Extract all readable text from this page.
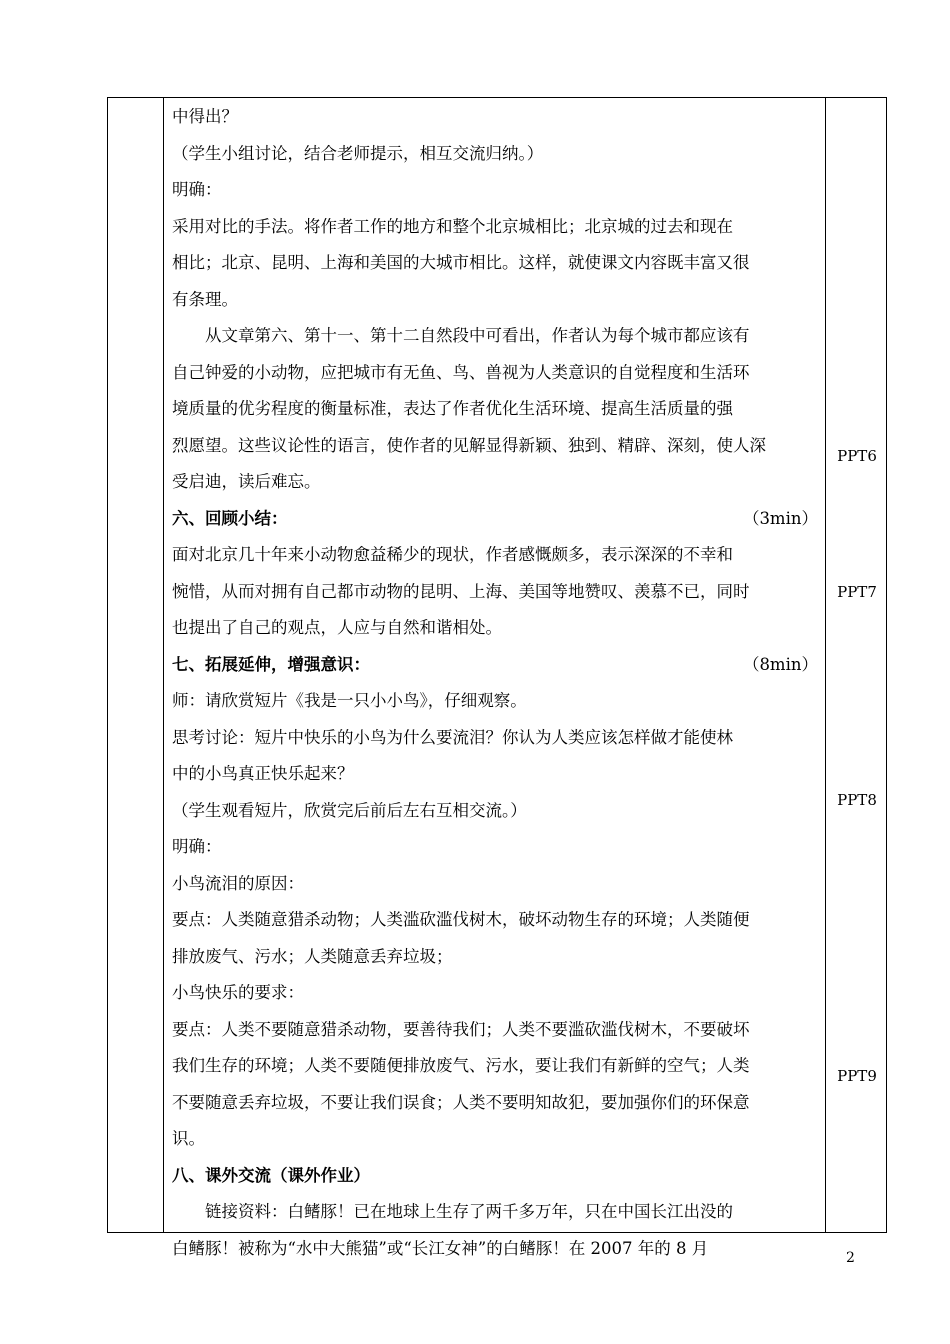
中得出？

（学生小组讨论，结合老师提示，相互交流归纳。）

明确：

采用对比的手法。将作者工作的地方和整个北京城相比；北京城的过去和现在

相比；北京、昆明、上海和美国的大城市相比。这样，就使课文内容既丰富又很

有条理。

从文章第六、第十一、第十二自然段中可看出，作者认为每个城市都应该有

自己钟爱的小动物，应把城市有无鱼、鸟、兽视为人类意识的自觉程度和生活环

境质量的优劣程度的衡量标准，表达了作者优化生活环境、提高生活质量的强

烈愿望。这些议论性的语言，使作者的见解显得新颖、独到、精辟、深刻，使人深

受启迪，读后难忘。

六、回顾小结：	（3min）

面对北京几十年来小动物愈益稀少的现状，作者感慨颇多，表示深深的不幸和

惋惜，从而对拥有自己都市动物的昆明、上海、美国等地赞叹、羡慕不已，同时

也提出了自己的观点，人应与自然和谐相处。

七、拓展延伸，增强意识：	（8min）

师：请欣赏短片《我是一只小小鸟》，仔细观察。

思考讨论：短片中快乐的小鸟为什么要流泪？你认为人类应该怎样做才能使林

中的小鸟真正快乐起来？

（学生观看短片，欣赏完后前后左右互相交流。）

明确：

小鸟流泪的原因：

要点：人类随意猎杀动物；人类滥砍滥伐树木，破坏动物生存的环境；人类随便

排放废气、污水；人类随意丢弃垃圾；

小鸟快乐的要求：

要点：人类不要随意猎杀动物，要善待我们；人类不要滥砍滥伐树木，不要破坏

我们生存的环境；人类不要随便排放废气、污水，要让我们有新鲜的空气；人类

不要随意丢弃垃圾，不要让我们误食；人类不要明知故犯，要加强你们的环保意

识。

八、课外交流（课外作业）

链接资料：白鳍豚！已在地球上生存了两千多万年，只在中国长江出没的

白鳍豚！被称为“水中大熊猫”或“长江女神”的白鳍豚！在 2007 年的 8 月

PPT6
PPT7
PPT8
PPT9
2
